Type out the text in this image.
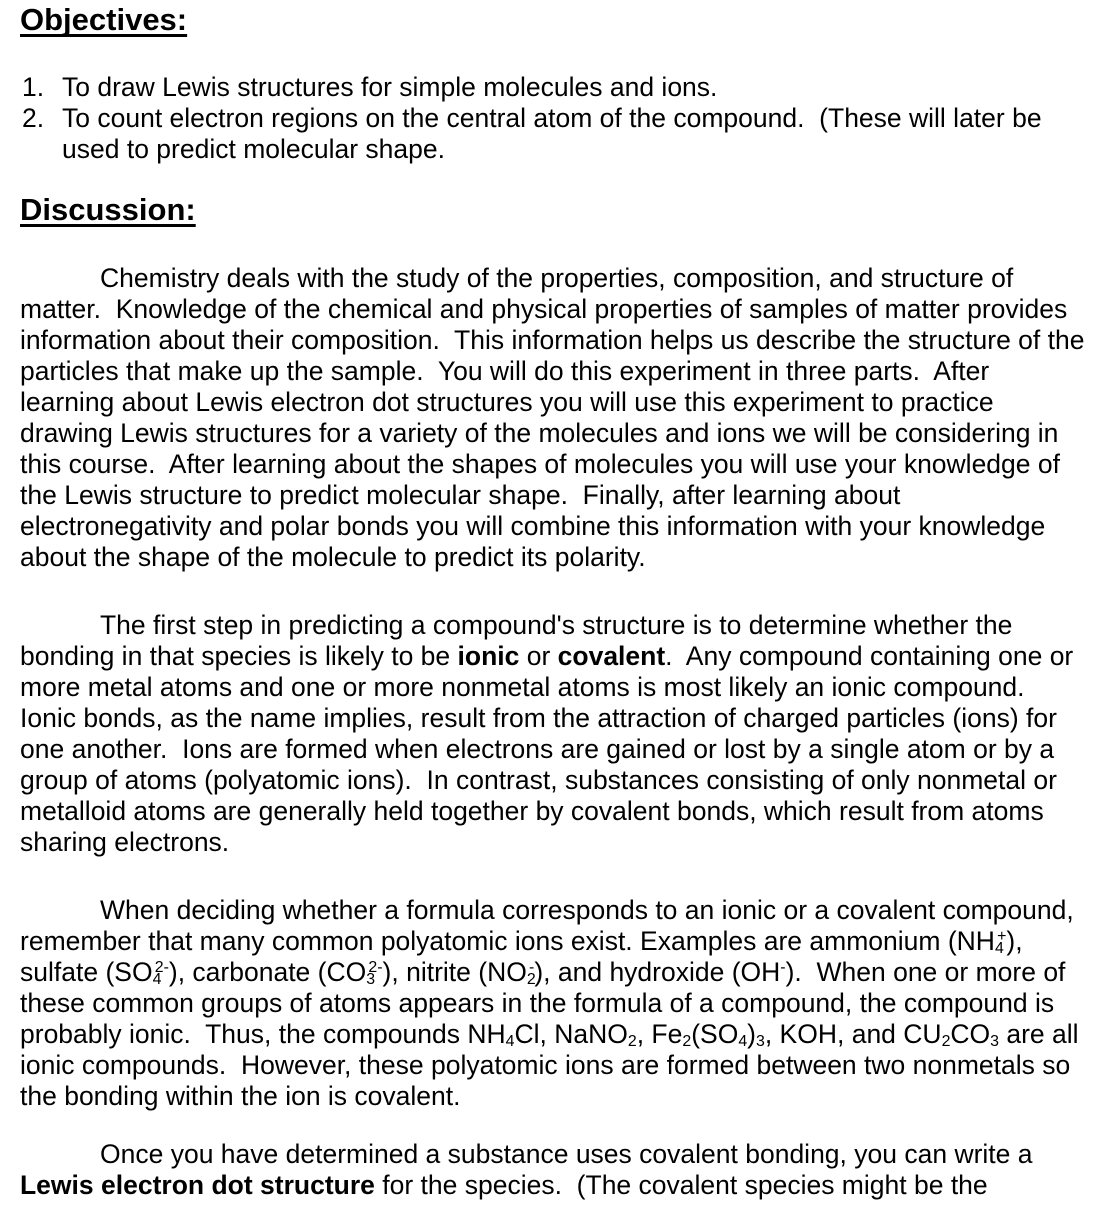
Objectives:
1. To draw Lewis structures for simple molecules and ions.
2. To count electron regions on the central atom of the compound.  (These will later be used to predict molecular shape.
Discussion:

Chemistry deals with the study of the properties, composition, and structure of matter.  Knowledge of the chemical and physical properties of samples of matter provides information about their composition.  This information helps us describe the structure of the particles that make up the sample.  You will do this experiment in three parts.  After learning about Lewis electron dot structures you will use this experiment to practice drawing Lewis structures for a variety of the molecules and ions we will be considering in this course.  After learning about the shapes of molecules you will use your knowledge of the Lewis structure to predict molecular shape.  Finally, after learning about electronegativity and polar bonds you will combine this information with your knowledge about the shape of the molecule to predict its polarity.

The first step in predicting a compound's structure is to determine whether the bonding in that species is likely to be ionic or covalent.  Any compound containing one or more metal atoms and one or more nonmetal atoms is most likely an ionic compound.  Ionic bonds, as the name implies, result from the attraction of charged particles (ions) for one another.  Ions are formed when electrons are gained or lost by a single atom or by a group of atoms (polyatomic ions).  In contrast, substances consisting of only nonmetal or metalloid atoms are generally held together by covalent bonds, which result from atoms sharing electrons.

When deciding whether a formula corresponds to an ionic or a covalent compound, remember that many common polyatomic ions exist. Examples are ammonium $(NH_4^+)$, sulfate $(SO_4^{2-})$, carbonate $(CO_3^{2-})$, nitrite $(NO_2^-)$, and hydroxide (OH-).  When one or more of these common groups of atoms appears in the formula of a compound, the compound is probably ionic.  Thus, the compounds $NH_4Cl$, NaNO$_2$, $Fe_2(SO_4)_3$, KOH, and $CU_2CO_3$ are all ionic compounds.  However, these polyatomic ions are formed between two nonmetals so the bonding within the ion is covalent.

Once you have determined a substance uses covalent bonding, you can write a Lewis electron dot structure for the species.  (The covalent species might be the
